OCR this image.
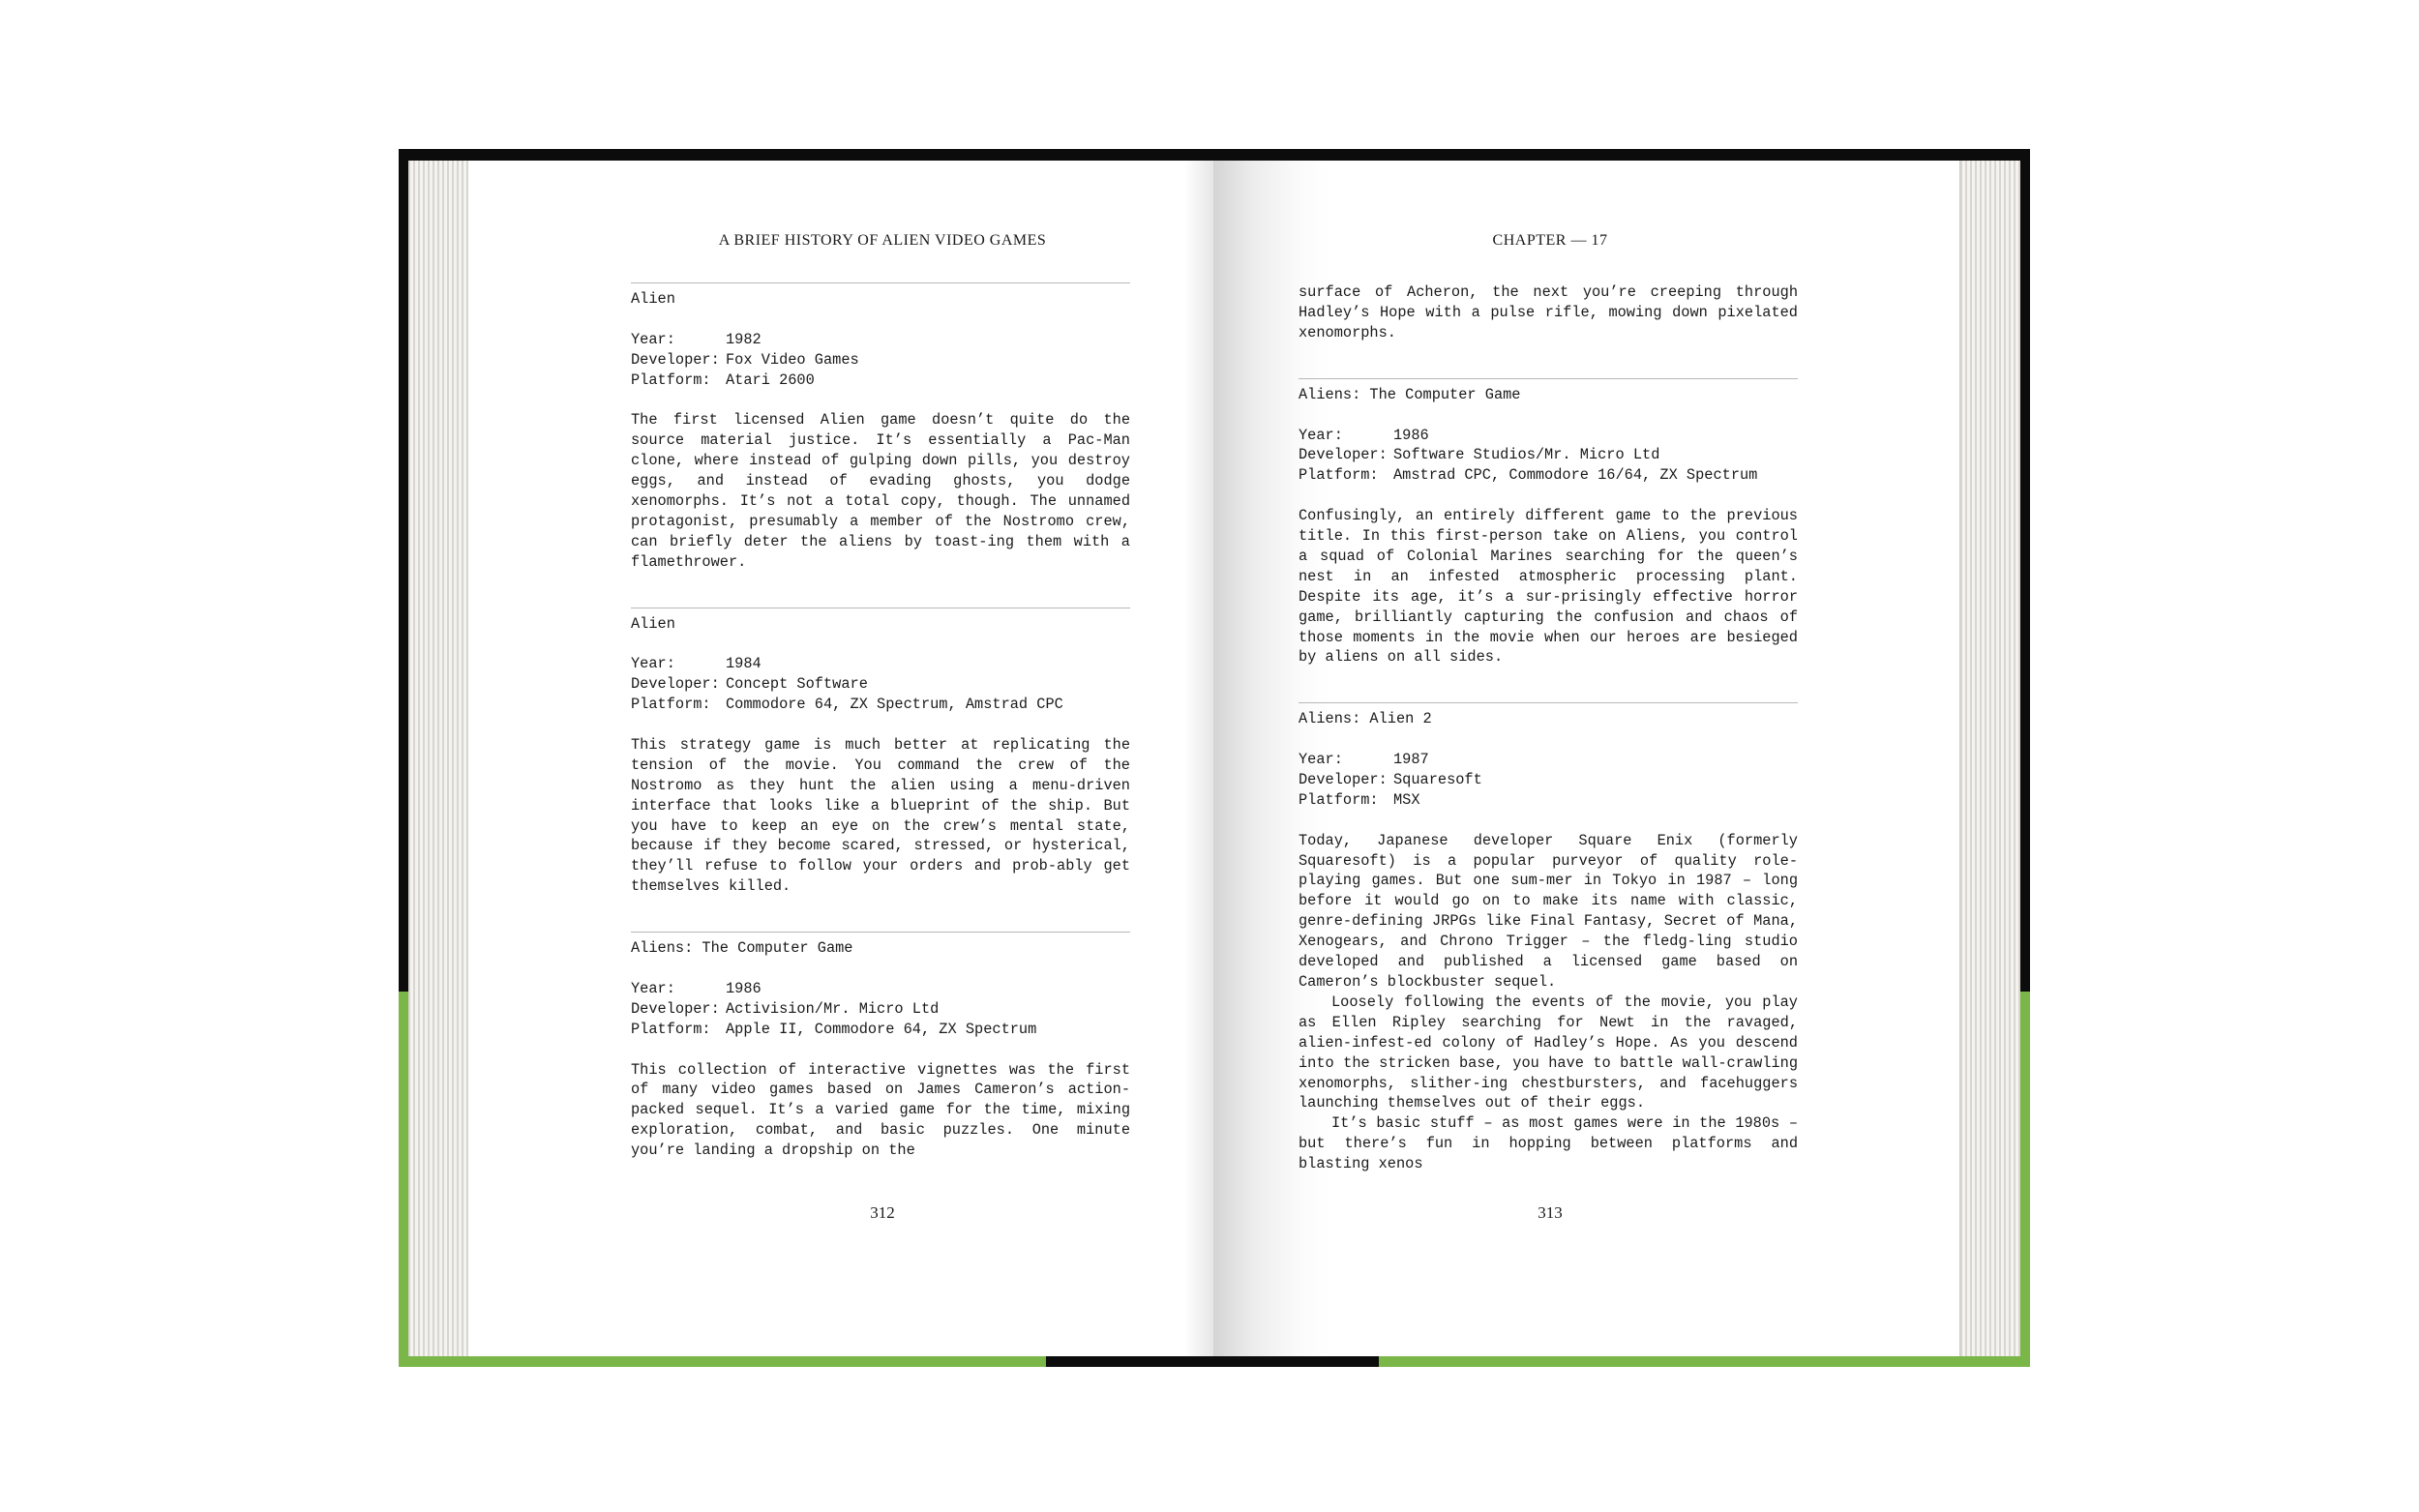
A BRIEF HISTORY OF ALIEN VIDEO GAMES
Alien
Year:	1982
Developer: Fox Video Games
Platform:	Atari 2600

The first licensed Alien game doesn’t quite do the source material justice. It’s essentially a Pac-Man clone, where instead of gulping down pills, you destroy eggs, and instead of evading ghosts, you dodge xenomorphs. It’s not a total copy, though. The unnamed protagonist, presumably a member of the Nostromo crew, can briefly deter the aliens by toast-ing them with a flamethrower.

Alien
Year:	1984
Developer: Concept Software
Platform:	Commodore 64, ZX Spectrum, Amstrad CPC

This strategy game is much better at replicating the tension of the movie. You command the crew of the Nostromo as they hunt the alien using a menu-driven interface that looks like a blueprint of the ship. But you have to keep an eye on the crew’s mental state, because if they become scared, stressed, or hysterical, they’ll refuse to follow your orders and prob-ably get themselves killed.

Aliens: The Computer Game
Year:	1986
Developer: Activision/Mr. Micro Ltd
Platform:	Apple II, Commodore 64, ZX Spectrum

This collection of interactive vignettes was the first of many video games based on James Cameron’s action-packed sequel. It’s a varied game for the time, mixing exploration, combat, and basic puzzles. One minute you’re landing a dropship on the

312
CHAPTER — 17

surface of Acheron, the next you’re creeping through Hadley’s Hope with a pulse rifle, mowing down pixelated xenomorphs.

Aliens: The Computer Game
Year:	1986
Developer: Software Studios/Mr. Micro Ltd
Platform:	Amstrad CPC, Commodore 16/64, ZX Spectrum

Confusingly, an entirely different game to the previous title. In this first-person take on Aliens, you control a squad of Colonial Marines searching for the queen’s nest in an infested atmospheric processing plant. Despite its age, it’s a sur-prisingly effective horror game, brilliantly capturing the confusion and chaos of those moments in the movie when our heroes are besieged by aliens on all sides.

Aliens: Alien 2
Year:	1987
Developer: Squaresoft
Platform:	MSX

Today, Japanese developer Square Enix (formerly Squaresoft) is a popular purveyor of quality role-playing games. But one sum-mer in Tokyo in 1987 – long before it would go on to make its name with classic, genre-defining JRPGs like Final Fantasy, Secret of Mana, Xenogears, and Chrono Trigger – the fledg-ling studio developed and published a licensed game based on Cameron’s blockbuster sequel.

Loosely following the events of the movie, you play as Ellen Ripley searching for Newt in the ravaged, alien-infest-ed colony of Hadley’s Hope. As you descend into the stricken base, you have to battle wall-crawling xenomorphs, slither-ing chestbursters, and facehuggers launching themselves out of their eggs.

It’s basic stuff – as most games were in the 1980s – but there’s fun in hopping between platforms and blasting xenos

313
